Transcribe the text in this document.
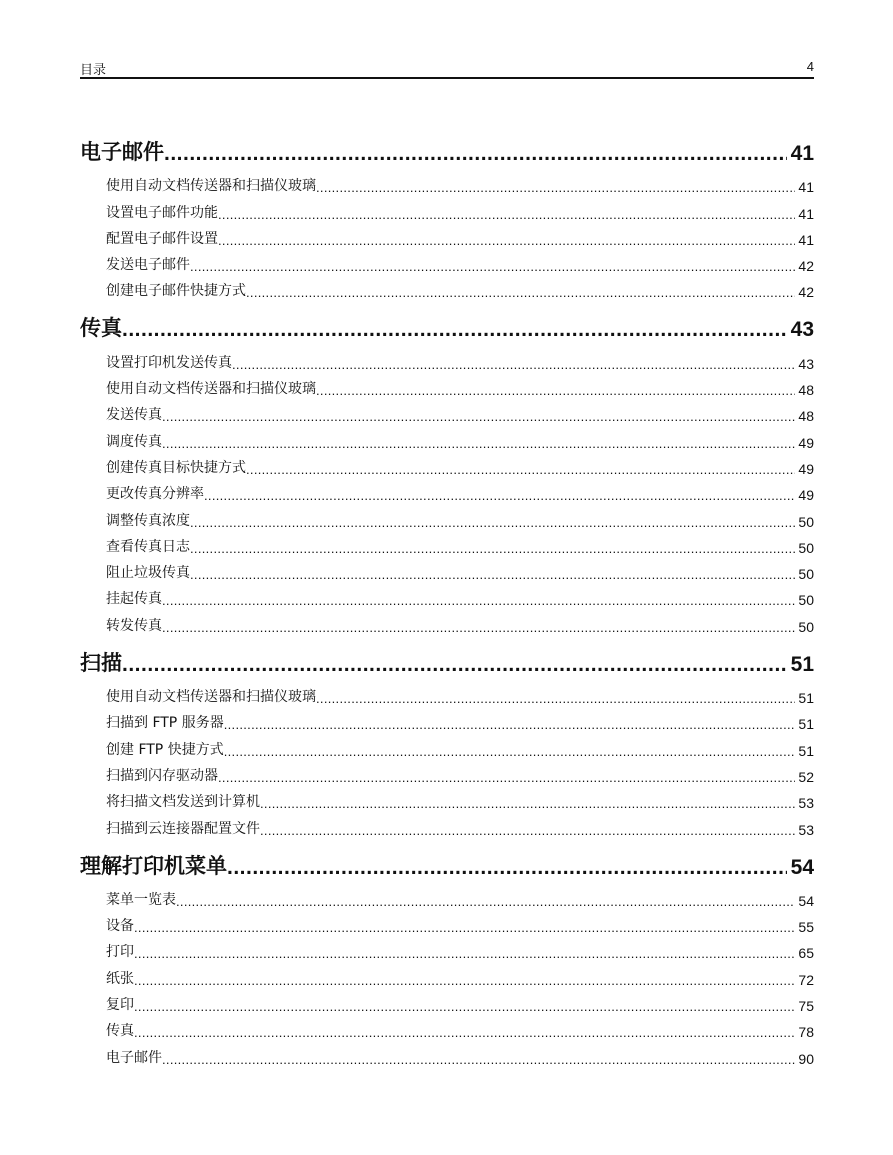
目录	4
电子邮件 .....	41
使用自动文档传送器和扫描仪玻璃 .....	41
设置电子邮件功能 .....	41
配置电子邮件设置 .....	41
发送电子邮件 .....	42
创建电子邮件快捷方式 .....	42
传真 .....	43
设置打印机发送传真 .....	43
使用自动文档传送器和扫描仪玻璃 .....	48
发送传真 .....	48
调度传真 .....	49
创建传真目标快捷方式 .....	49
更改传真分辨率 .....	49
调整传真浓度 .....	50
查看传真日志 .....	50
阻止垃圾传真 .....	50
挂起传真 .....	50
转发传真 .....	50
扫描 .....	51
使用自动文档传送器和扫描仪玻璃 .....	51
扫描到 FTP 服务器 .....	51
创建 FTP 快捷方式 .....	51
扫描到闪存驱动器 .....	52
将扫描文档发送到计算机 .....	53
扫描到云连接器配置文件 .....	53
理解打印机菜单 .....	54
菜单一览表 .....	54
设备 .....	55
打印 .....	65
纸张 .....	72
复印 .....	75
传真 .....	78
电子邮件 .....	90
